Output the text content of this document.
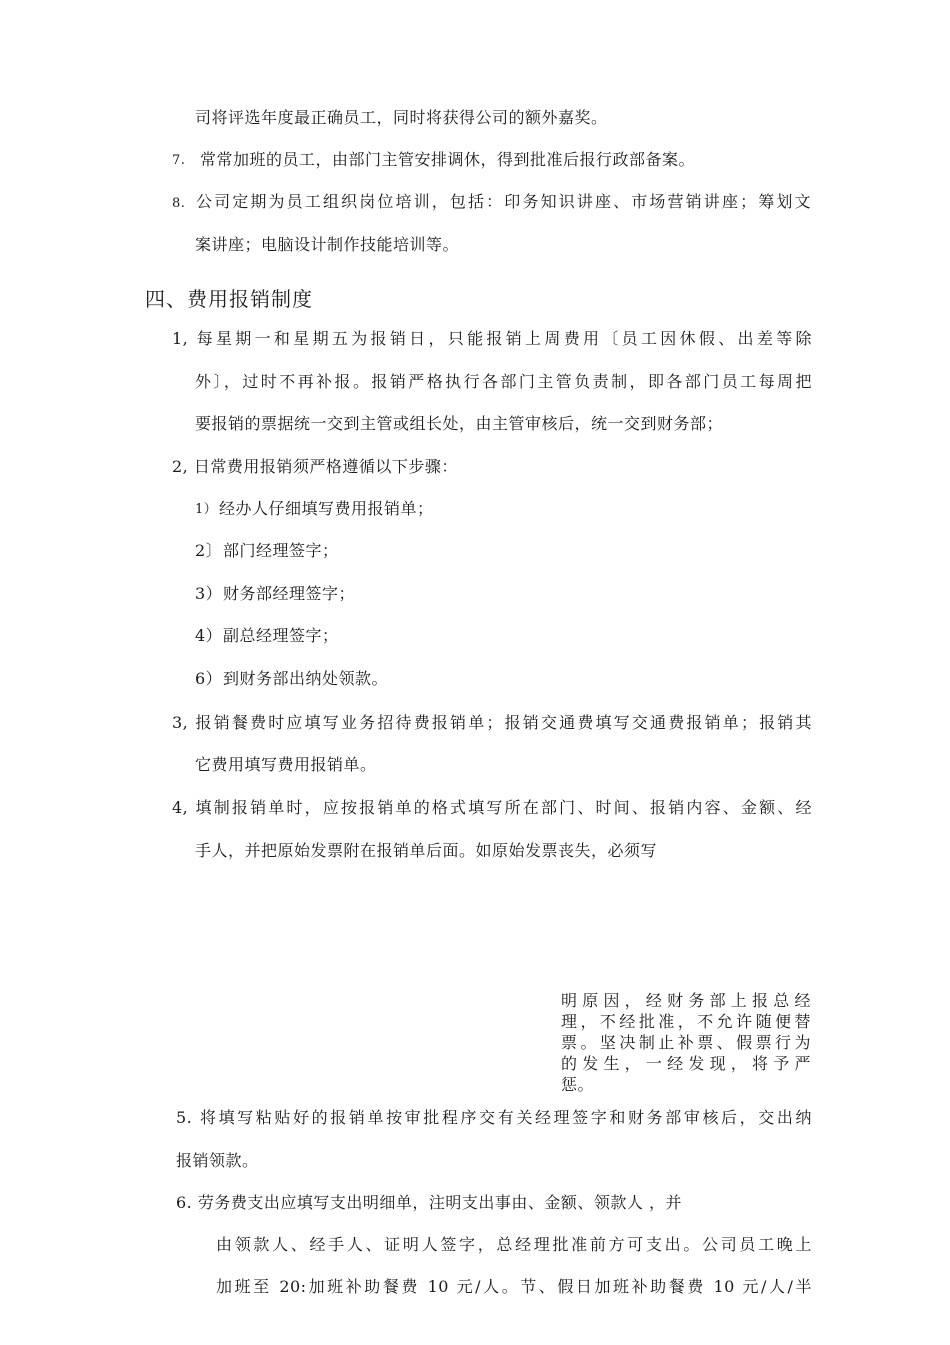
司将评选年度最正确员工，同时将获得公司的额外嘉奖。
7. 常常加班的员工，由部门主管安排调休，得到批准后报行政部备案。
8. 公司定期为员工组织岗位培训，包括：印务知识讲座、市场营销讲座；筹划文
案讲座；电脑设计制作技能培训等。
四、费用报销制度
1, 每星期一和星期五为报销日，只能报销上周费用〔员工因休假、出差等除
外〕，过时不再补报。报销严格执行各部门主管负责制，即各部门员工每周把
要报销的票据统一交到主管或组长处，由主管审核后，统一交到财务部；
2, 日常费用报销须严格遵循以下步骤：
1） 经办人仔细填写费用报销单；
2〕 部门经理签字；
3） 财务部经理签字；
4） 副总经理签字；
6） 到财务部出纳处领款。
3, 报销餐费时应填写业务招待费报销单；报销交通费填写交通费报销单；报销其
它费用填写费用报销单。
4, 填制报销单时，应按报销单的格式填写所在部门、时间、报销内容、金额、经
手人，并把原始发票附在报销单后面。如原始发票丧失，必须写
明原因，经财务部上报总经
理，不经批准，不允许随便替
票。坚决制止补票、假票行为
的发生，一经发现，将予严
惩。
5. 将填写粘贴好的报销单按审批程序交有关经理签字和财务部审核后，交出纳
报销领款。
6. 劳务费支出应填写支出明细单，注明支出事由、金额、领款人 ，并
由领款人、经手人、证明人签字，总经理批准前方可支出。公司员工晚上
加班至 20:加班补助餐费 10 元/人。节、假日加班补助餐费 10 元/人/半
